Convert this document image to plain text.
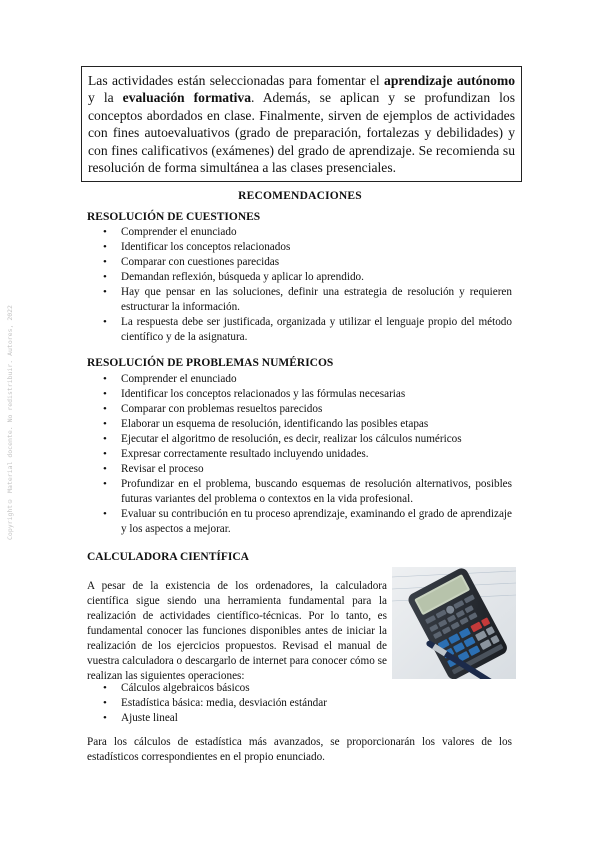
Copyright© Material docente. No redistribuir. Autores, 2022
Las actividades están seleccionadas para fomentar el aprendizaje autónomo y la evaluación formativa. Además, se aplican y se profundizan los conceptos abordados en clase. Finalmente, sirven de ejemplos de actividades con fines autoevaluativos (grado de preparación, fortalezas y debilidades) y con fines calificativos (exámenes) del grado de aprendizaje. Se recomienda su resolución de forma simultánea a las clases presenciales.
RECOMENDACIONES
RESOLUCIÓN DE CUESTIONES
• Comprender el enunciado
• Identificar los conceptos relacionados
• Comparar con cuestiones parecidas
• Demandan reflexión, búsqueda y aplicar lo aprendido.
• Hay que pensar en las soluciones, definir una estrategia de resolución y requieren estructurar la información.
• La respuesta debe ser justificada, organizada y utilizar el lenguaje propio del método científico y de la asignatura.
RESOLUCIÓN DE PROBLEMAS NUMÉRICOS
• Comprender el enunciado
• Identificar los conceptos relacionados y las fórmulas necesarias
• Comparar con problemas resueltos parecidos
• Elaborar un esquema de resolución, identificando las posibles etapas
• Ejecutar el algoritmo de resolución, es decir, realizar los cálculos numéricos
• Expresar correctamente resultado incluyendo unidades.
• Revisar el proceso
• Profundizar en el problema, buscando esquemas de resolución alternativos, posibles futuras variantes del problema o contextos en la vida profesional.
• Evaluar su contribución en tu proceso aprendizaje, examinando el grado de aprendizaje y los aspectos a mejorar.
CALCULADORA CIENTÍFICA
A pesar de la existencia de los ordenadores, la calculadora científica sigue siendo una herramienta fundamental para la realización de actividades científico-técnicas. Por lo tanto, es fundamental conocer las funciones disponibles antes de iniciar la realización de los ejercicios propuestos. Revisad el manual de vuestra calculadora o descargarlo de internet para conocer cómo se realizan las siguientes operaciones:
• Cálculos algebraicos básicos
• Estadística básica: media, desviación estándar
• Ajuste lineal
Para los cálculos de estadística más avanzados, se proporcionarán los valores de los estadísticos correspondientes en el propio enunciado.
